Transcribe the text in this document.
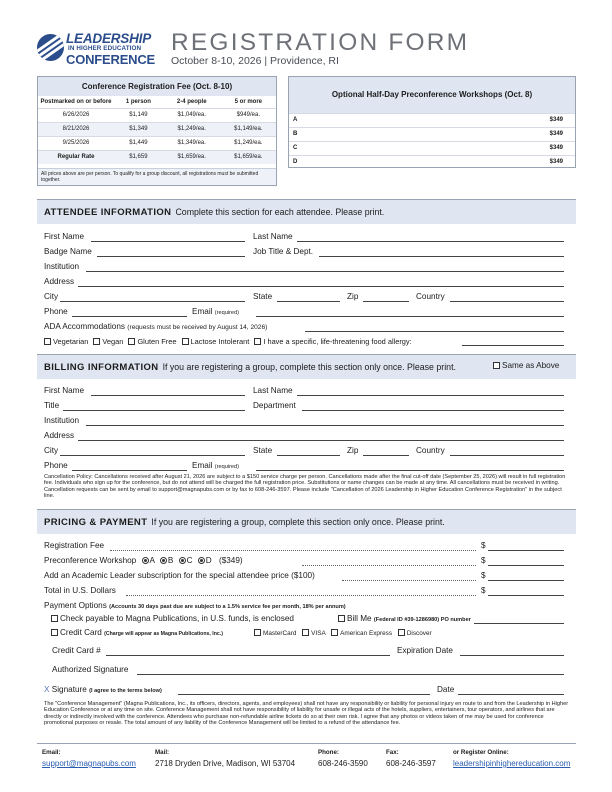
LEADERSHIP
IN HIGHER EDUCATION
CONFERENCE
REGISTRATION FORM
October 8-10, 2026 | Providence, RI
Conference Registration Fee (Oct. 8-10)
Postmarked on or before	1 person	2-4 people	5 or more
6/26/2026	$1,149	$1,049/ea.	$949/ea.
8/21/2026	$1,349	$1,249/ea.	$1,149/ea.
9/25/2026	$1,449	$1,349/ea.	$1,249/ea.
Regular Rate	$1,659	$1,659/ea.	$1,659/ea.
All prices above are per person. To qualify for a group discount, all registrations must be submitted together.
Optional Half-Day Preconference Workshops (Oct. 8)
A	$349
B	$349
C	$349
D	$349
ATTENDEE INFORMATION Complete this section for each attendee. Please print.
First Name	Last Name
Badge Name	Job Title & Dept.
Institution
Address
City	State	Zip	Country
Phone	Email (required)
ADA Accommodations (requests must be received by August 14, 2026)
Vegetarian Vegan Gluten Free Lactose Intolerant I have a specific, life-threatening food allergy:
BILLING INFORMATION If you are registering a group, complete this section only once. Please print.	Same as Above
First Name	Last Name
Title	Department
Institution
Address
City	State	Zip	Country
Phone	Email (required)
Cancellation Policy: Cancellations received after August 21, 2026 are subject to a $150 service charge per person. Cancellations made after the final cut-off date (September 25, 2026) will result in full registration fee. Individuals who sign up for the conference, but do not attend will be charged the full registration price. Substitutions or name changes can be made at any time. All cancellations must be received in writing. Cancellation requests can be sent by email to support@magnapubs.com or by fax to 608-246-3597. Please include "Cancellation of 2026 Leadership in Higher Education Conference Registration" in the subject line.
PRICING & PAYMENT If you are registering a group, complete this section only once. Please print.
Registration Fee	$
Preconference Workshop A B C D ($349)	$
Add an Academic Leader subscription for the special attendee price ($100)	$
Total in U.S. Dollars	$
Payment Options (Accounts 30 days past due are subject to a 1.5% service fee per month, 18% per annum)
Check payable to Magna Publications, in U.S. funds, is enclosed	Bill Me (Federal ID #39-1286980) PO number
Credit Card (Charge will appear as Magna Publications, Inc.)	MasterCard VISA American Express Discover
Credit Card #	Expiration Date
Authorized Signature
X Signature (I agree to the terms below)	Date
The "Conference Management" (Magna Publications, Inc., its officers, directors, agents, and employees) shall not have any responsibility or liability for personal injury en route to and from the Leadership in Higher Education Conference or at any time on site. Conference Management shall not have responsibility of liability for unsafe or illegal acts of the hotels, suppliers, entertainers, tour operators, and airlines that are directly or indirectly involved with the conference. Attendees who purchase non-refundable airline tickets do so at their own risk. I agree that any photos or videos taken of me may be used for conference promotional purposes or resale. The total amount of any liability of the Conference Management will be limited to a refund of the attendance fee.
Email:
support@magnapubs.com
Mail:
2718 Dryden Drive, Madison, WI 53704
Phone:
608-246-3590
Fax:
608-246-3597
or Register Online:
leadershipinhighereducation.com
